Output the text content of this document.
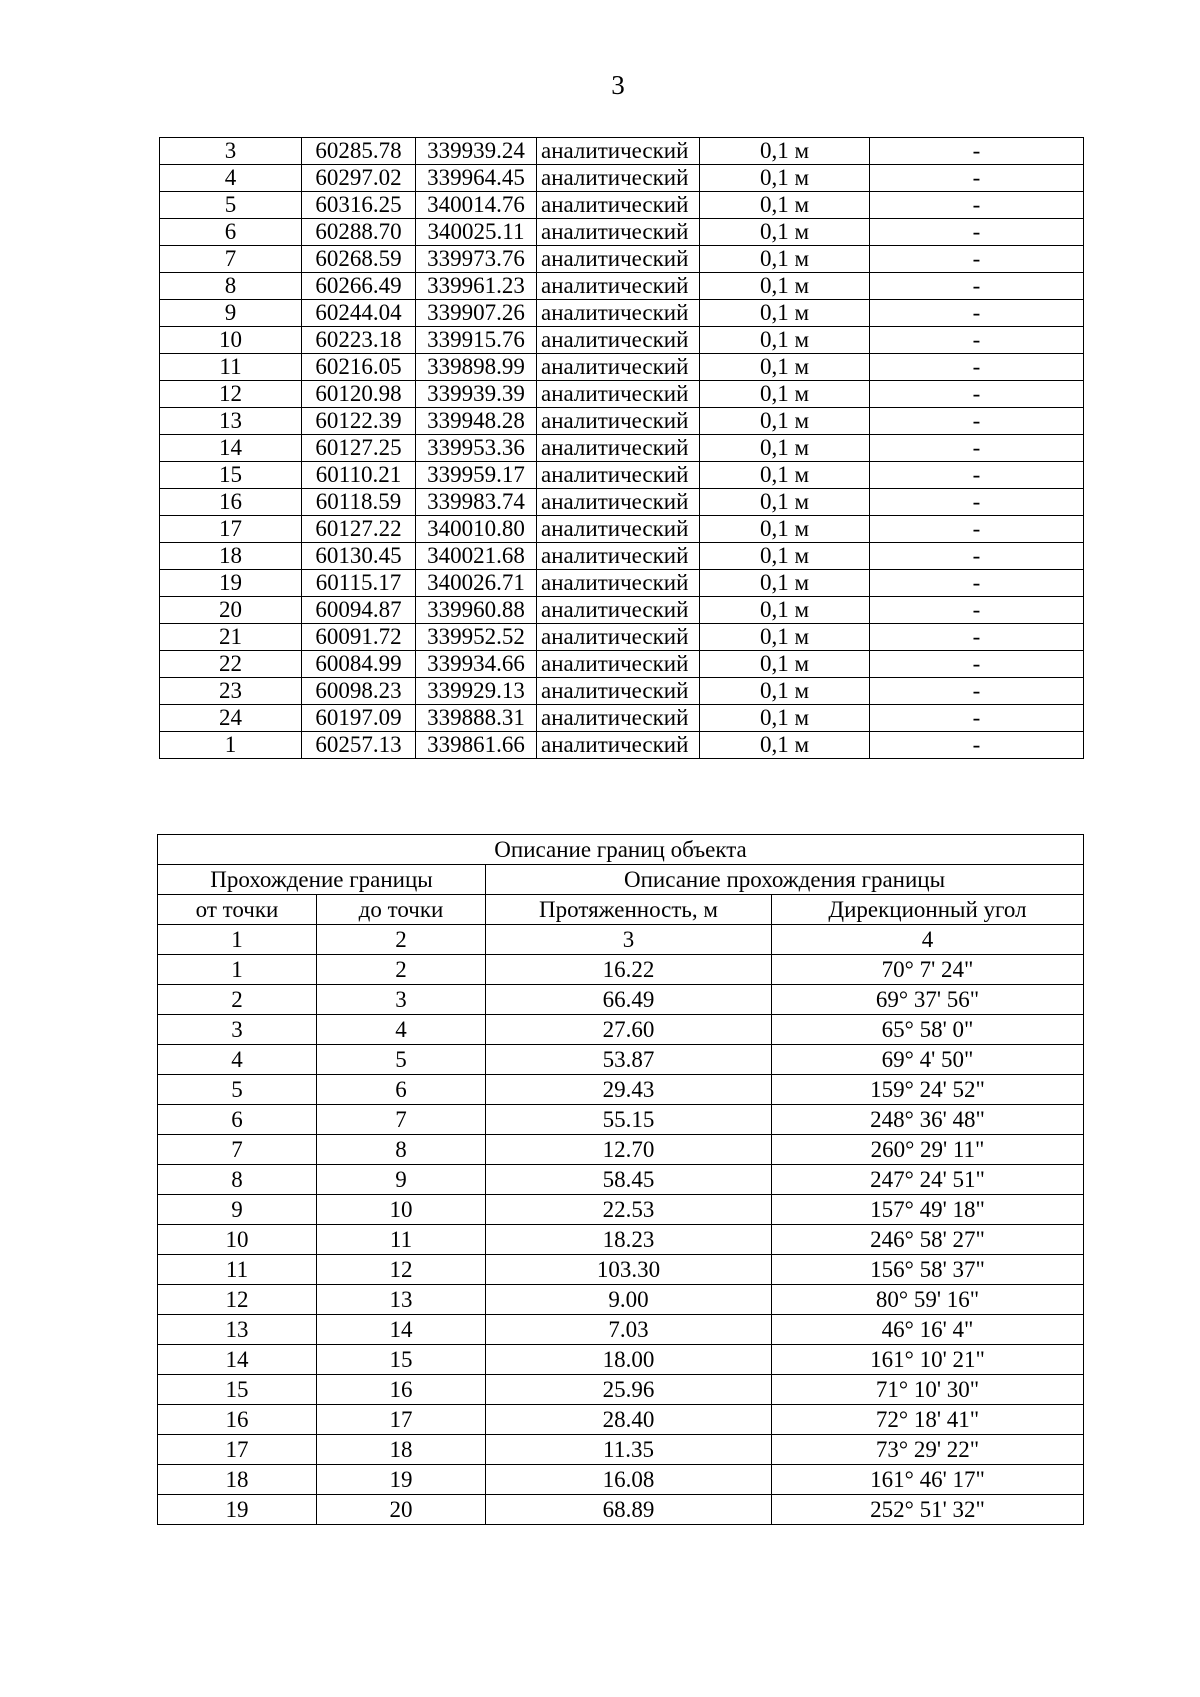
3
3	60285.78	339939.24	аналитический	0,1 м	-
4	60297.02	339964.45	аналитический	0,1 м	-
5	60316.25	340014.76	аналитический	0,1 м	-
6	60288.70	340025.11	аналитический	0,1 м	-
7	60268.59	339973.76	аналитический	0,1 м	-
8	60266.49	339961.23	аналитический	0,1 м	-
9	60244.04	339907.26	аналитический	0,1 м	-
10	60223.18	339915.76	аналитический	0,1 м	-
11	60216.05	339898.99	аналитический	0,1 м	-
12	60120.98	339939.39	аналитический	0,1 м	-
13	60122.39	339948.28	аналитический	0,1 м	-
14	60127.25	339953.36	аналитический	0,1 м	-
15	60110.21	339959.17	аналитический	0,1 м	-
16	60118.59	339983.74	аналитический	0,1 м	-
17	60127.22	340010.80	аналитический	0,1 м	-
18	60130.45	340021.68	аналитический	0,1 м	-
19	60115.17	340026.71	аналитический	0,1 м	-
20	60094.87	339960.88	аналитический	0,1 м	-
21	60091.72	339952.52	аналитический	0,1 м	-
22	60084.99	339934.66	аналитический	0,1 м	-
23	60098.23	339929.13	аналитический	0,1 м	-
24	60197.09	339888.31	аналитический	0,1 м	-
1	60257.13	339861.66	аналитический	0,1 м	-
Описание границ объекта			
Прохождение границы		Описание прохождения границы	
от точки	до точки	Протяженность, м	Дирекционный угол
1	2	3	4
1	2	16.22	70° 7' 24"
2	3	66.49	69° 37' 56"
3	4	27.60	65° 58' 0"
4	5	53.87	69° 4' 50"
5	6	29.43	159° 24' 52"
6	7	55.15	248° 36' 48"
7	8	12.70	260° 29' 11"
8	9	58.45	247° 24' 51"
9	10	22.53	157° 49' 18"
10	11	18.23	246° 58' 27"
11	12	103.30	156° 58' 37"
12	13	9.00	80° 59' 16"
13	14	7.03	46° 16' 4"
14	15	18.00	161° 10' 21"
15	16	25.96	71° 10' 30"
16	17	28.40	72° 18' 41"
17	18	11.35	73° 29' 22"
18	19	16.08	161° 46' 17"
19	20	68.89	252° 51' 32"
